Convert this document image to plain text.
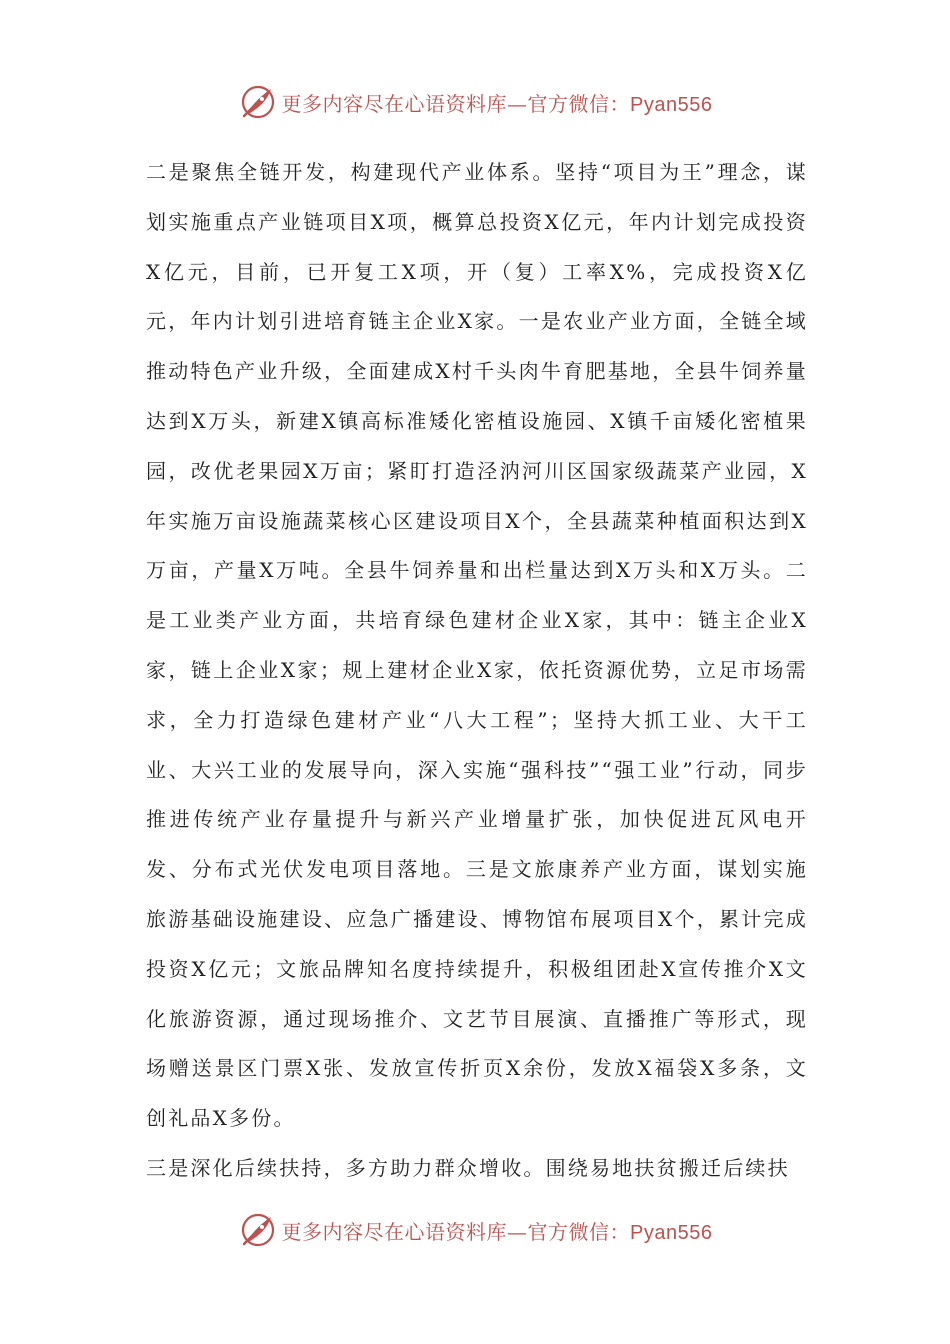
更多内容尽在心语资料库—官方微信：Pyan556

二是聚焦全链开发，构建现代产业体系。坚持“项目为王”理念，谋划实施重点产业链项目X项，概算总投资X亿元，年内计划完成投资X亿元，目前，已开复工X项，开（复）工率X%，完成投资X亿元，年内计划引进培育链主企业X家。一是农业产业方面，全链全域推动特色产业升级，全面建成X村千头肉牛育肥基地，全县牛饲养量达到X万头，新建X镇高标准矮化密植设施园、X镇千亩矮化密植果园，改优老果园X万亩；紧盯打造泾汭河川区国家级蔬菜产业园，X年实施万亩设施蔬菜核心区建设项目X个，全县蔬菜种植面积达到X万亩，产量X万吨。全县牛饲养量和出栏量达到X万头和X万头。二是工业类产业方面，共培育绿色建材企业X家，其中：链主企业X家，链上企业X家；规上建材企业X家，依托资源优势，立足市场需求，全力打造绿色建材产业“八大工程”；坚持大抓工业、大干工业、大兴工业的发展导向，深入实施“强科技”“强工业”行动，同步推进传统产业存量提升与新兴产业增量扩张，加快促进瓦风电开发、分布式光伏发电项目落地。三是文旅康养产业方面，谋划实施旅游基础设施建设、应急广播建设、博物馆布展项目X个，累计完成投资X亿元；文旅品牌知名度持续提升，积极组团赴X宣传推介X文化旅游资源，通过现场推介、文艺节目展演、直播推广等形式，现场赠送景区门票X张、发放宣传折页X余份，发放X福袋X多条，文创礼品X多份。

三是深化后续扶持，多方助力群众增收。围绕易地扶贫搬迁后续扶

更多内容尽在心语资料库—官方微信：Pyan556
